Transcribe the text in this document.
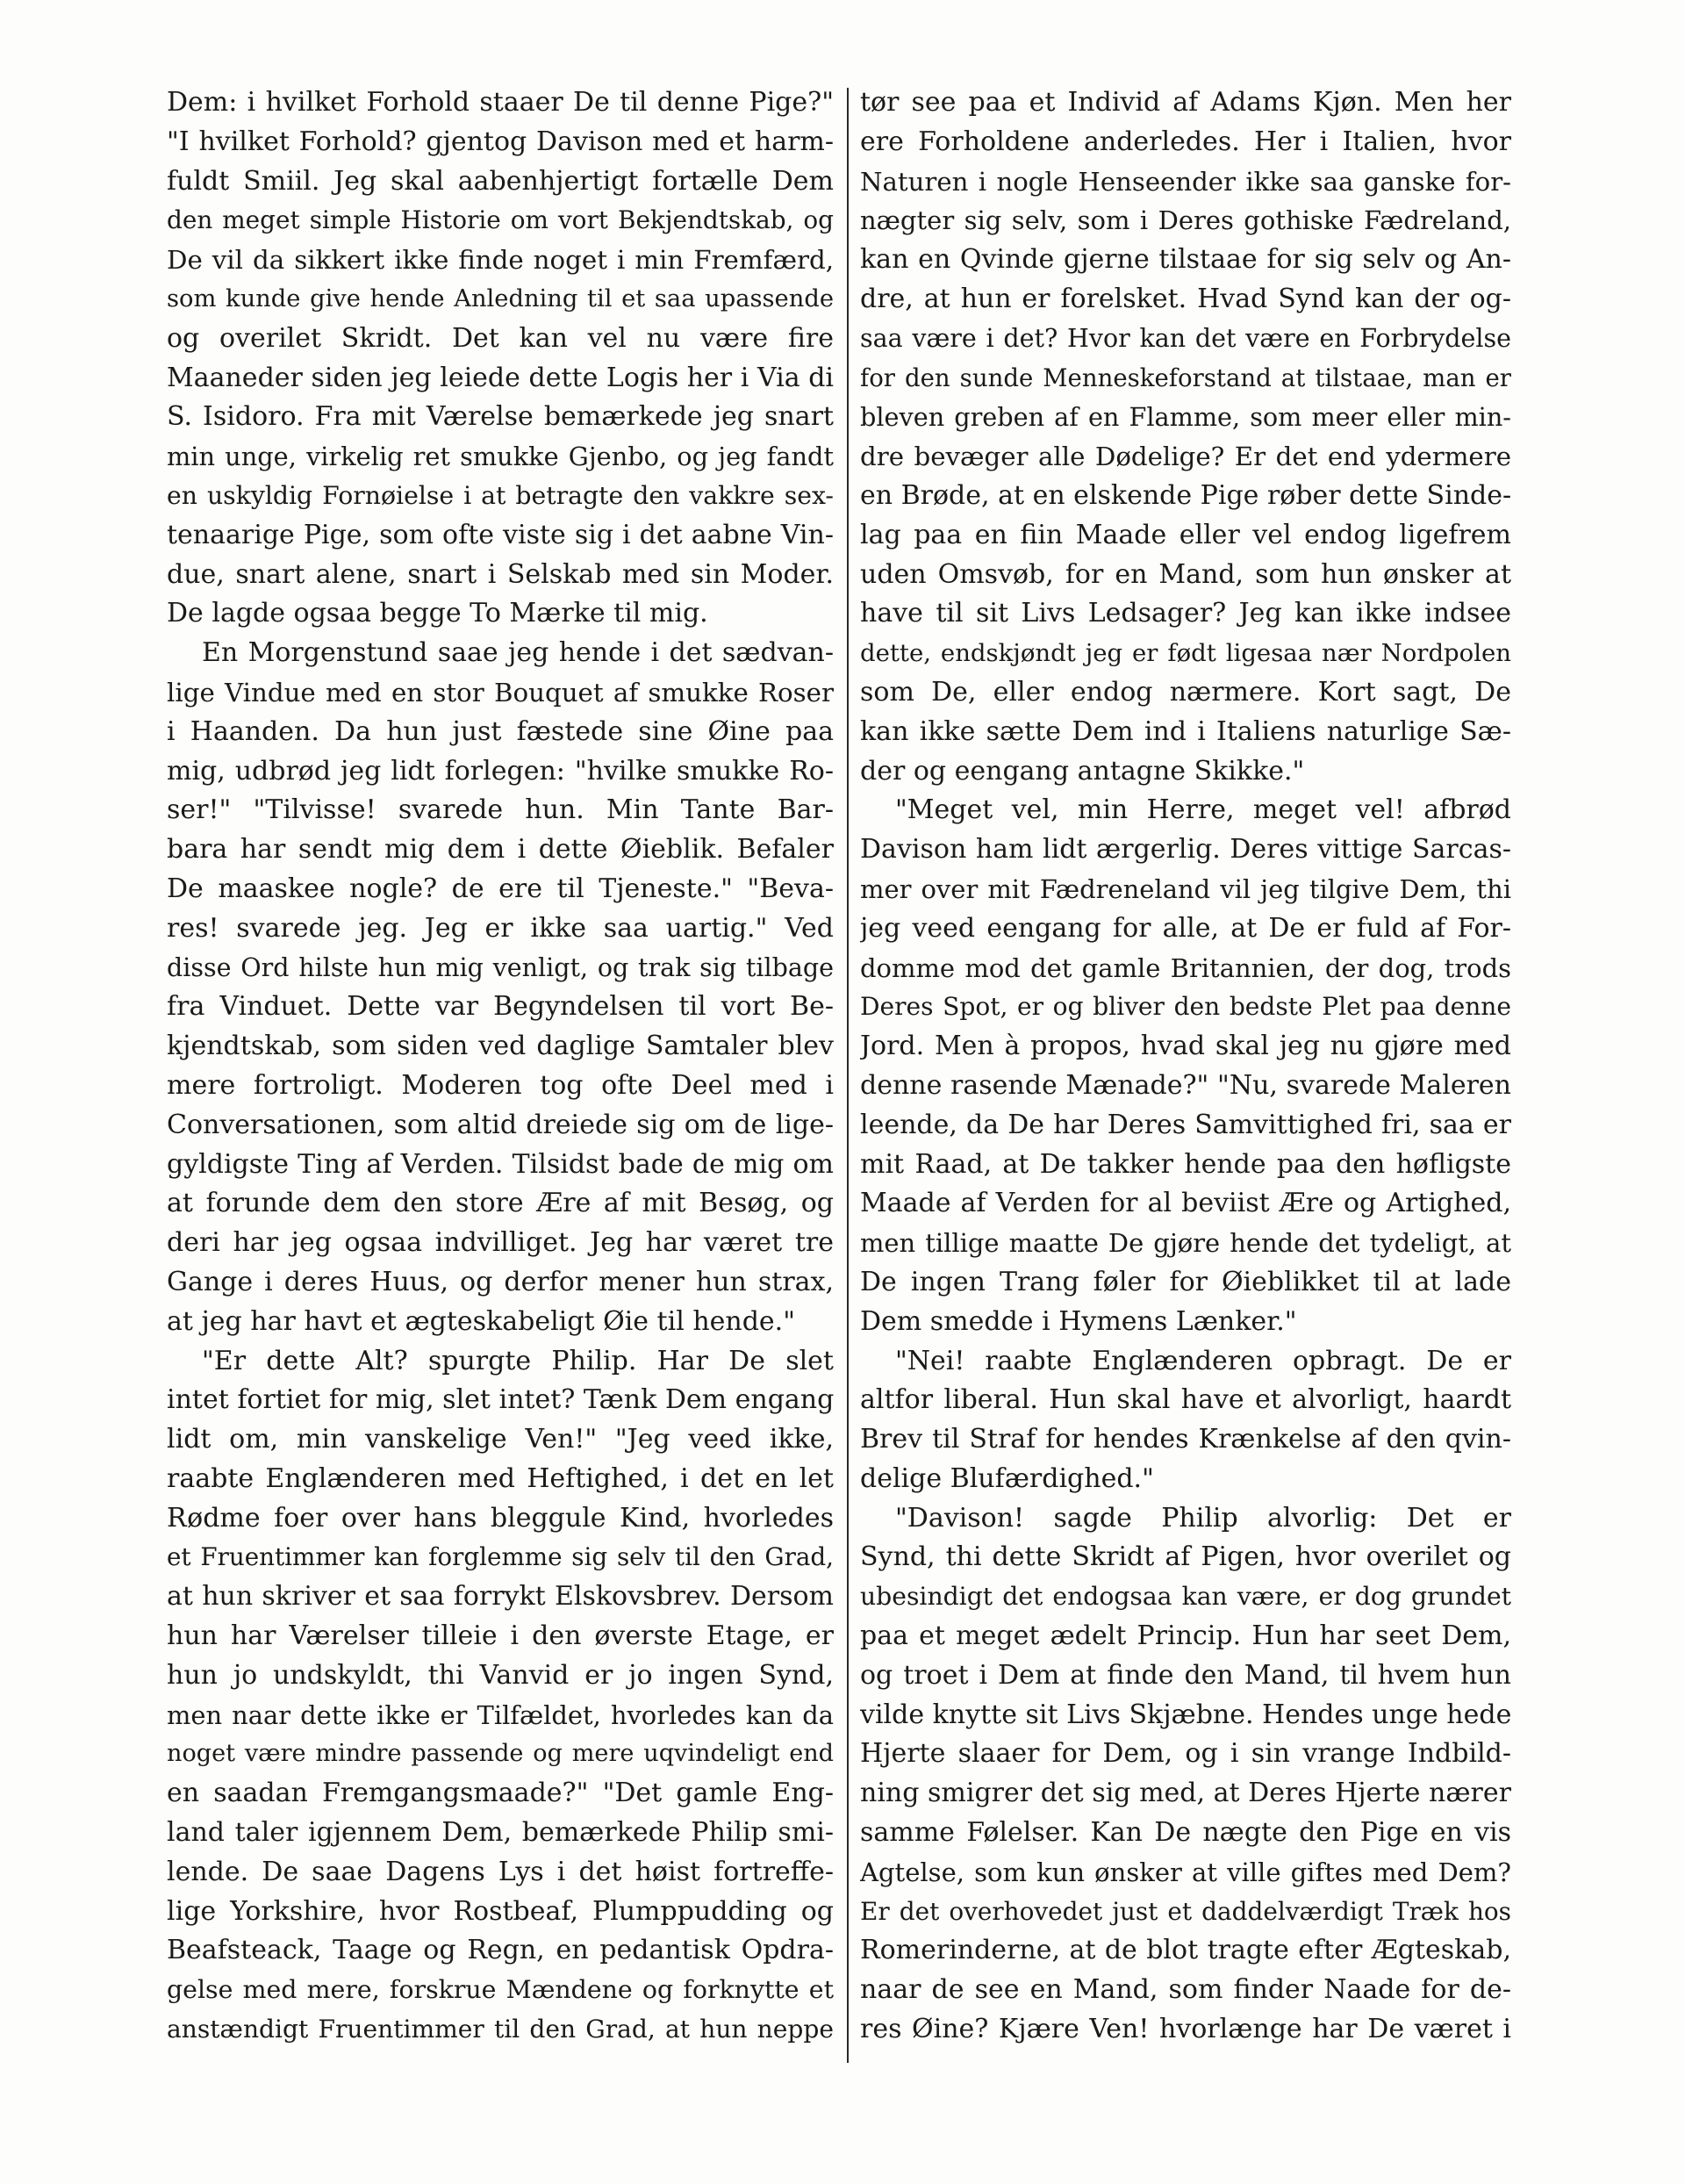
Dem: i hvilket Forhold staaer De til denne Pige?"
"I hvilket Forhold? gjentog Davison med et harm-
fuldt Smiil. Jeg skal aabenhjertigt fortælle Dem
den meget simple Historie om vort Bekjendtskab, og
De vil da sikkert ikke finde noget i min Fremfærd,
som kunde give hende Anledning til et saa upassende
og overilet Skridt. Det kan vel nu være fire
Maaneder siden jeg leiede dette Logis her i Via di
S. Isidoro. Fra mit Værelse bemærkede jeg snart
min unge, virkelig ret smukke Gjenbo, og jeg fandt
en uskyldig Fornøielse i at betragte den vakkre sex-
tenaarige Pige, som ofte viste sig i det aabne Vin-
due, snart alene, snart i Selskab med sin Moder.
De lagde ogsaa begge To Mærke til mig.
En Morgenstund saae jeg hende i det sædvan-
lige Vindue med en stor Bouquet af smukke Roser
i Haanden. Da hun just fæstede sine Øine paa
mig, udbrød jeg lidt forlegen: "hvilke smukke Ro-
ser!" "Tilvisse! svarede hun. Min Tante Bar-
bara har sendt mig dem i dette Øieblik. Befaler
De maaskee nogle? de ere til Tjeneste." "Beva-
res! svarede jeg. Jeg er ikke saa uartig." Ved
disse Ord hilste hun mig venligt, og trak sig tilbage
fra Vinduet. Dette var Begyndelsen til vort Be-
kjendtskab, som siden ved daglige Samtaler blev
mere fortroligt. Moderen tog ofte Deel med i
Conversationen, som altid dreiede sig om de lige-
gyldigste Ting af Verden. Tilsidst bade de mig om
at forunde dem den store Ære af mit Besøg, og
deri har jeg ogsaa indvilliget. Jeg har været tre
Gange i deres Huus, og derfor mener hun strax,
at jeg har havt et ægteskabeligt Øie til hende."
"Er dette Alt? spurgte Philip. Har De slet
intet fortiet for mig, slet intet? Tænk Dem engang
lidt om, min vanskelige Ven!" "Jeg veed ikke,
raabte Englænderen med Heftighed, i det en let
Rødme foer over hans bleggule Kind, hvorledes
et Fruentimmer kan forglemme sig selv til den Grad,
at hun skriver et saa forrykt Elskovsbrev. Dersom
hun har Værelser tilleie i den øverste Etage, er
hun jo undskyldt, thi Vanvid er jo ingen Synd,
men naar dette ikke er Tilfældet, hvorledes kan da
noget være mindre passende og mere uqvindeligt end
en saadan Fremgangsmaade?" "Det gamle Eng-
land taler igjennem Dem, bemærkede Philip smi-
lende. De saae Dagens Lys i det høist fortreffe-
lige Yorkshire, hvor Rostbeaf, Plumppudding og
Beafsteack, Taage og Regn, en pedantisk Opdra-
gelse med mere, forskrue Mændene og forknytte et
anstændigt Fruentimmer til den Grad, at hun neppe
tør see paa et Individ af Adams Kjøn. Men her
ere Forholdene anderledes. Her i Italien, hvor
Naturen i nogle Henseender ikke saa ganske for-
nægter sig selv, som i Deres gothiske Fædreland,
kan en Qvinde gjerne tilstaae for sig selv og An-
dre, at hun er forelsket. Hvad Synd kan der og-
saa være i det? Hvor kan det være en Forbrydelse
for den sunde Menneskeforstand at tilstaae, man er
bleven greben af en Flamme, som meer eller min-
dre bevæger alle Dødelige? Er det end ydermere
en Brøde, at en elskende Pige røber dette Sinde-
lag paa en fiin Maade eller vel endog ligefrem
uden Omsvøb, for en Mand, som hun ønsker at
have til sit Livs Ledsager? Jeg kan ikke indsee
dette, endskjøndt jeg er født ligesaa nær Nordpolen
som De, eller endog nærmere. Kort sagt, De
kan ikke sætte Dem ind i Italiens naturlige Sæ-
der og eengang antagne Skikke."
"Meget vel, min Herre, meget vel! afbrød
Davison ham lidt ærgerlig. Deres vittige Sarcas-
mer over mit Fædreneland vil jeg tilgive Dem, thi
jeg veed eengang for alle, at De er fuld af For-
domme mod det gamle Britannien, der dog, trods
Deres Spot, er og bliver den bedste Plet paa denne
Jord. Men à propos, hvad skal jeg nu gjøre med
denne rasende Mænade?" "Nu, svarede Maleren
leende, da De har Deres Samvittighed fri, saa er
mit Raad, at De takker hende paa den høfligste
Maade af Verden for al beviist Ære og Artighed,
men tillige maatte De gjøre hende det tydeligt, at
De ingen Trang føler for Øieblikket til at lade
Dem smedde i Hymens Lænker."
"Nei! raabte Englænderen opbragt. De er
altfor liberal. Hun skal have et alvorligt, haardt
Brev til Straf for hendes Krænkelse af den qvin-
delige Blufærdighed."
"Davison! sagde Philip alvorlig: Det er
Synd, thi dette Skridt af Pigen, hvor overilet og
ubesindigt det endogsaa kan være, er dog grundet
paa et meget ædelt Princip. Hun har seet Dem,
og troet i Dem at finde den Mand, til hvem hun
vilde knytte sit Livs Skjæbne. Hendes unge hede
Hjerte slaaer for Dem, og i sin vrange Indbild-
ning smigrer det sig med, at Deres Hjerte nærer
samme Følelser. Kan De nægte den Pige en vis
Agtelse, som kun ønsker at ville giftes med Dem?
Er det overhovedet just et daddelværdigt Træk hos
Romerinderne, at de blot tragte efter Ægteskab,
naar de see en Mand, som finder Naade for de-
res Øine? Kjære Ven! hvorlænge har De været i
